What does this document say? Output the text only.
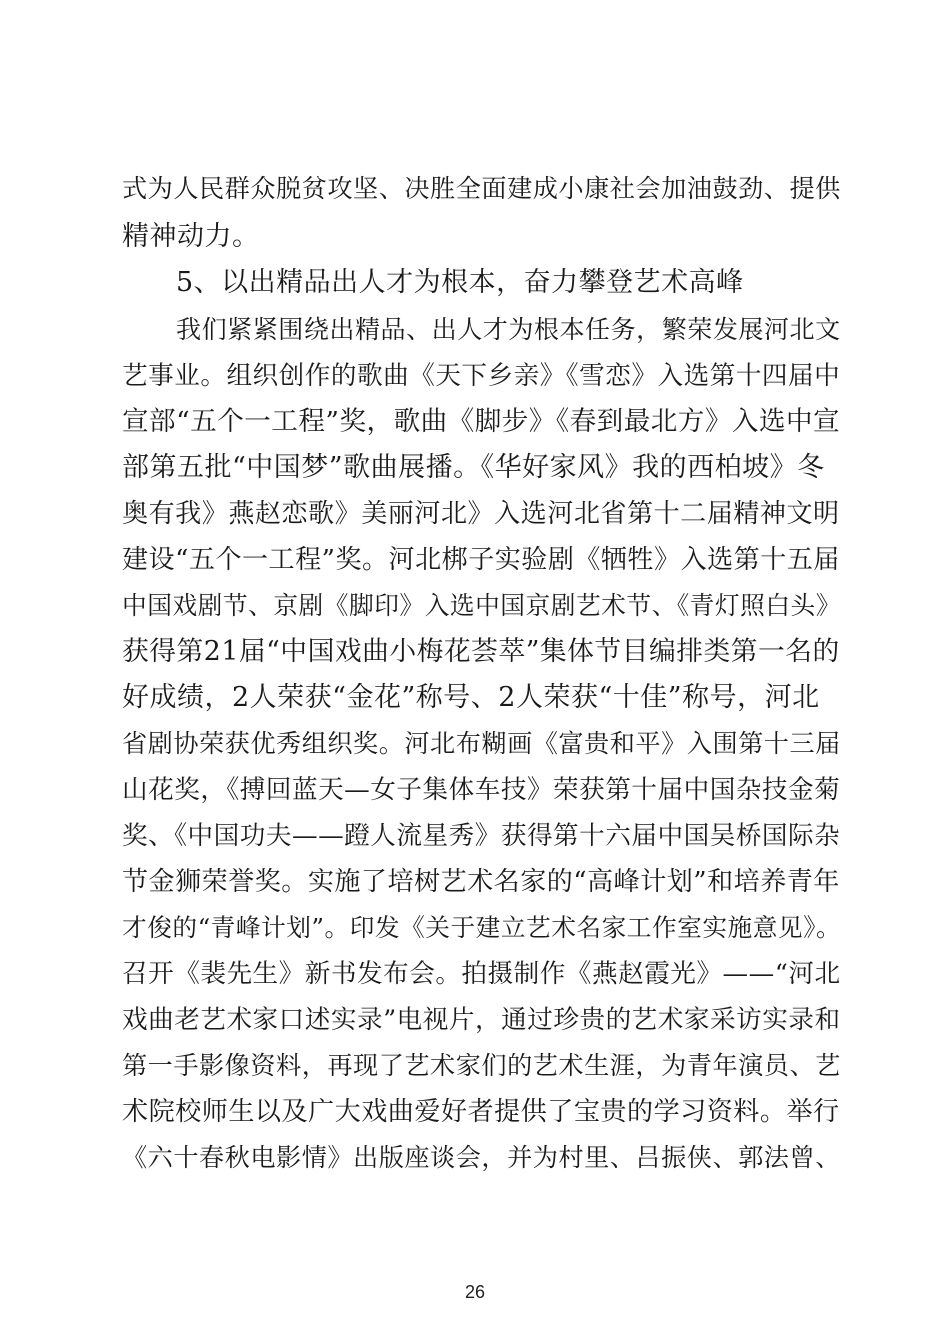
式为人民群众脱贫攻坚、决胜全面建成小康社会加油鼓劲、提供
精神动力。
5、以出精品出人才为根本，奋力攀登艺术高峰
我们紧紧围绕出精品、出人才为根本任务，繁荣发展河北文
艺事业。组织创作的歌曲《天下乡亲》《雪恋》入选第十四届中
宣部“五个一工程”奖，歌曲《脚步》《春到最北方》入选中宣
部第五批“中国梦”歌曲展播。《华好家风》我的西柏坡》冬
奥有我》燕赵恋歌》美丽河北》入选河北省第十二届精神文明
建设“五个一工程”奖。河北梆子实验剧《牺牲》入选第十五届
中国戏剧节、京剧《脚印》入选中国京剧艺术节、《青灯照白头》
获得第21届“中国戏曲小梅花荟萃”集体节目编排类第一名的
好成绩，2人荣获“金花”称号、2人荣获“十佳”称号，河北
省剧协荣获优秀组织奖。河北布糊画《富贵和平》入围第十三届
山花奖，《搏回蓝天—女子集体车技》荣获第十届中国杂技金菊
奖、《中国功夫——蹬人流星秀》获得第十六届中国吴桥国际杂
节金狮荣誉奖。实施了培树艺术名家的“高峰计划”和培养青年
才俊的“青峰计划”。印发《关于建立艺术名家工作室实施意见》。
召开《裴先生》新书发布会。拍摄制作《燕赵霞光》——“河北
戏曲老艺术家口述实录”电视片，通过珍贵的艺术家采访实录和
第一手影像资料，再现了艺术家们的艺术生涯，为青年演员、艺
术院校师生以及广大戏曲爱好者提供了宝贵的学习资料。举行
《六十春秋电影情》出版座谈会，并为村里、吕振侠、郭法曾、
26
